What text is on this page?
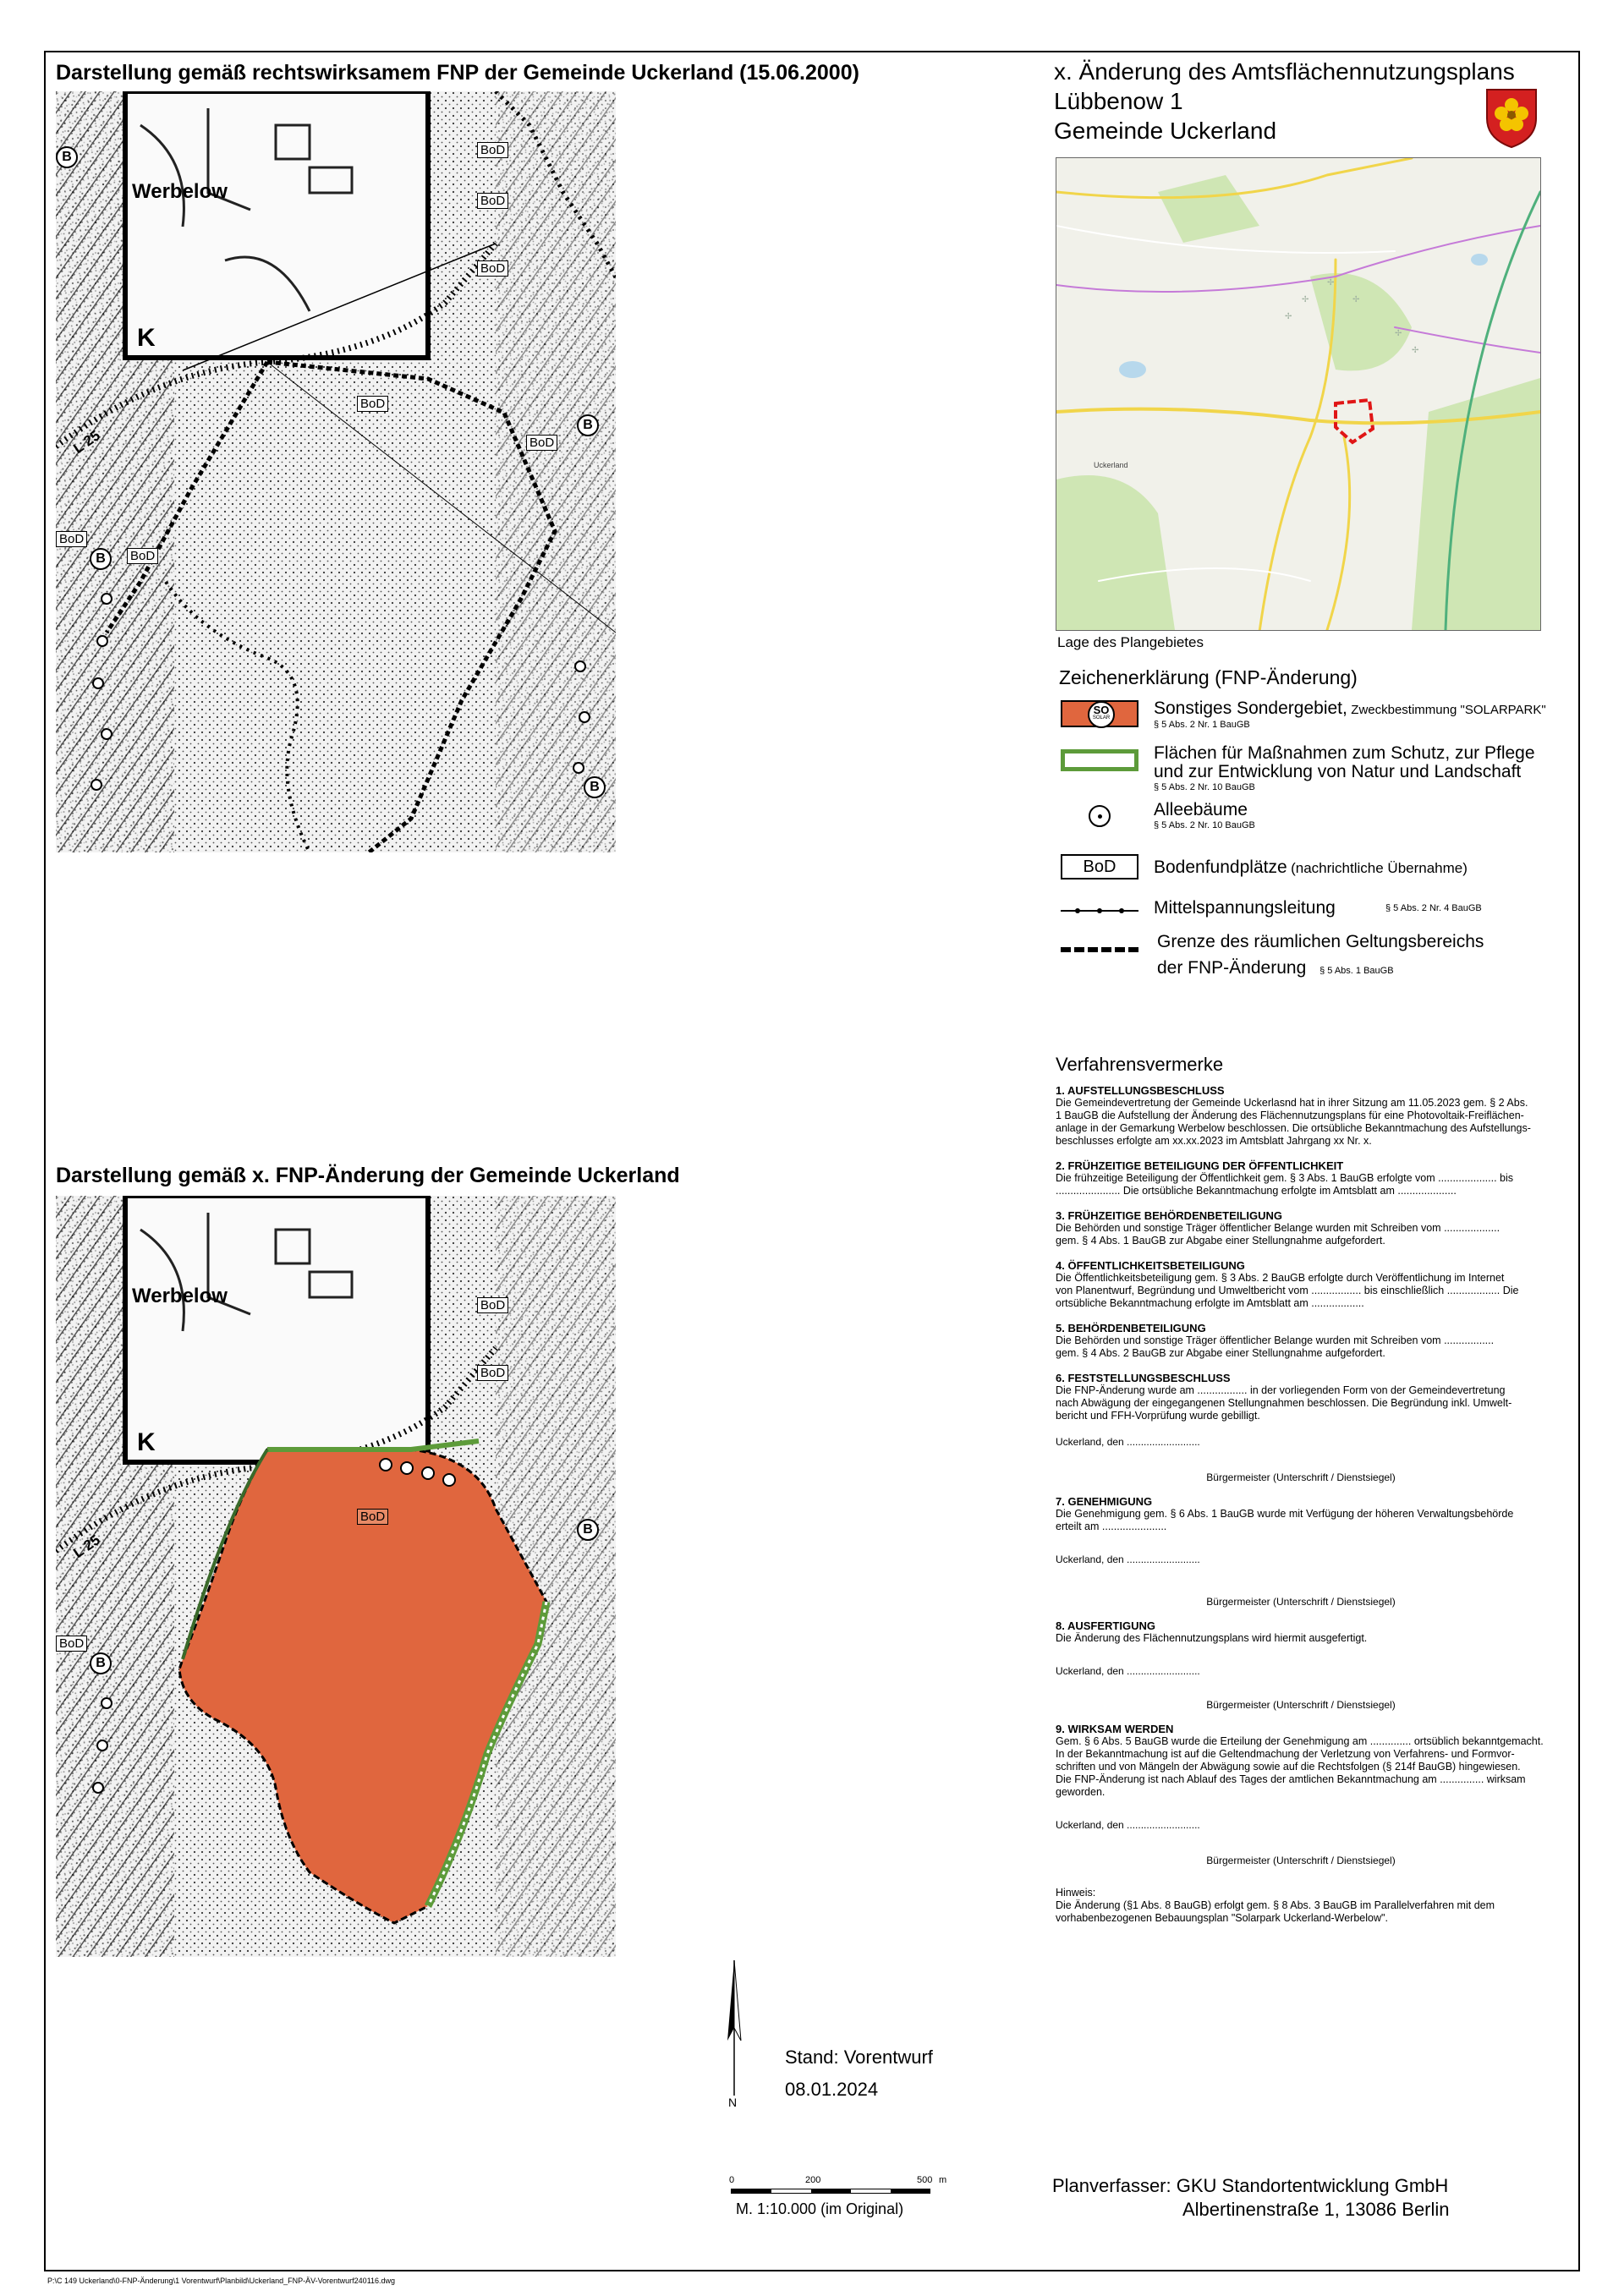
Darstellung gemäß rechtswirksamem FNP der Gemeinde Uckerland (15.06.2000)
Werbelow
K
B
B
B
B
BoD
BoD
BoD
BoD
BoD
BoD
BoD
L 25
Darstellung gemäß x. FNP-Änderung der Gemeinde Uckerland
Werbelow
K
B
B
BoD
BoD
BoD
BoD
L 25
x. Änderung des Amtsflächennutzungsplans
Lübbenow 1
Gemeinde Uckerland
✢
✢
✢
✢
✢
✢
Uckerland
Lage des Plangebietes
Zeichenerklärung (FNP-Änderung)
SO
SOLAR Sonstiges Sondergebiet, Zweckbestimmung "SOLARPARK"
§ 5 Abs. 2 Nr. 1 BauGB
Flächen für Maßnahmen zum Schutz, zur Pflege
und zur Entwicklung von Natur und Landschaft
§ 5 Abs. 2 Nr. 10 BauGB
Alleebäume
§ 5 Abs. 2 Nr. 10 BauGB
BoD	Bodenfundplätze (nachrichtliche Übernahme)
Mittelspannungsleitung	§ 5 Abs. 2 Nr. 4 BauGB
Grenze des räumlichen Geltungsbereichs
der FNP-Änderung § 5 Abs. 1 BauGB
Verfahrensvermerke
1. AUFSTELLUNGSBESCHLUSS
Die Gemeindevertretung der Gemeinde Uckerlasnd hat in ihrer Sitzung am 11.05.2023 gem. § 2 Abs.
1 BauGB die Aufstellung der Änderung des Flächennutzungsplans für eine Photovoltaik-Freiflächen-
anlage in der Gemarkung Werbelow beschlossen. Die ortsübliche Bekanntmachung des Aufstellungs-
beschlusses erfolgte am xx.xx.2023 im Amtsblatt Jahrgang xx Nr. x.
2. FRÜHZEITIGE BETEILIGUNG DER ÖFFENTLICHKEIT
Die frühzeitige Beteiligung der Öffentlichkeit gem. § 3 Abs. 1 BauGB erfolgte vom .................... bis
...................... Die ortsübliche Bekanntmachung erfolgte im Amtsblatt am ....................
3. FRÜHZEITIGE BEHÖRDENBETEILIGUNG
Die Behörden und sonstige Träger öffentlicher Belange wurden mit Schreiben vom ...................
gem. § 4 Abs. 1 BauGB zur Abgabe einer Stellungnahme aufgefordert.
4. ÖFFENTLICHKEITSBETEILIGUNG
Die Öffentlichkeitsbeteiligung gem. § 3 Abs. 2 BauGB erfolgte durch Veröffentlichung im Internet
von Planentwurf, Begründung und Umweltbericht vom ................. bis einschließlich .................. Die
ortsübliche Bekanntmachung erfolgte im Amtsblatt am ..................
5. BEHÖRDENBETEILIGUNG
Die Behörden und sonstige Träger öffentlicher Belange wurden mit Schreiben vom .................
gem. § 4 Abs. 2 BauGB zur Abgabe einer Stellungnahme aufgefordert.
6. FESTSTELLUNGSBESCHLUSS
Die FNP-Änderung wurde am ................. in der vorliegenden Form von der Gemeindevertretung
nach Abwägung der eingegangenen Stellungnahmen beschlossen. Die Begründung inkl. Umwelt-
bericht und FFH-Vorprüfung wurde gebilligt.
Uckerland, den ..........................
Bürgermeister (Unterschrift / Dienstsiegel)
7. GENEHMIGUNG
Die Genehmigung gem. § 6 Abs. 1 BauGB wurde mit Verfügung der höheren Verwaltungsbehörde
erteilt am ......................
Uckerland, den ..........................
Bürgermeister (Unterschrift / Dienstsiegel)
8. AUSFERTIGUNG
Die Änderung des Flächennutzungsplans wird hiermit ausgefertigt.
Uckerland, den ..........................
Bürgermeister (Unterschrift / Dienstsiegel)
9. WIRKSAM WERDEN
Gem. § 6 Abs. 5 BauGB wurde die Erteilung der Genehmigung am .............. ortsüblich bekanntgemacht.
In der Bekanntmachung ist auf die Geltendmachung der Verletzung von Verfahrens- und Formvor-
schriften und von Mängeln der Abwägung sowie auf die Rechtsfolgen (§ 214f BauGB) hingewiesen.
Die FNP-Änderung ist nach Ablauf des Tages der amtlichen Bekanntmachung am ............... wirksam
geworden.
Uckerland, den ..........................
Bürgermeister (Unterschrift / Dienstsiegel)
Hinweis:
Die Änderung (§1 Abs. 8 BauGB) erfolgt gem. § 8 Abs. 3 BauGB im Parallelverfahren mit dem
vorhabenbezogenen Bebauungsplan "Solarpark Uckerland-Werbelow".
N
Stand: Vorentwurf
08.01.2024
0	200	500 m
M. 1:10.000 (im Original)
Planverfasser: GKU Standortentwicklung GmbH
Albertinenstraße 1, 13086 Berlin
P:\C 149 Uckerland\0-FNP-Änderung\1 Vorentwurf\Planbild\Uckerland_FNP-ÄV-Vorentwurf240116.dwg
